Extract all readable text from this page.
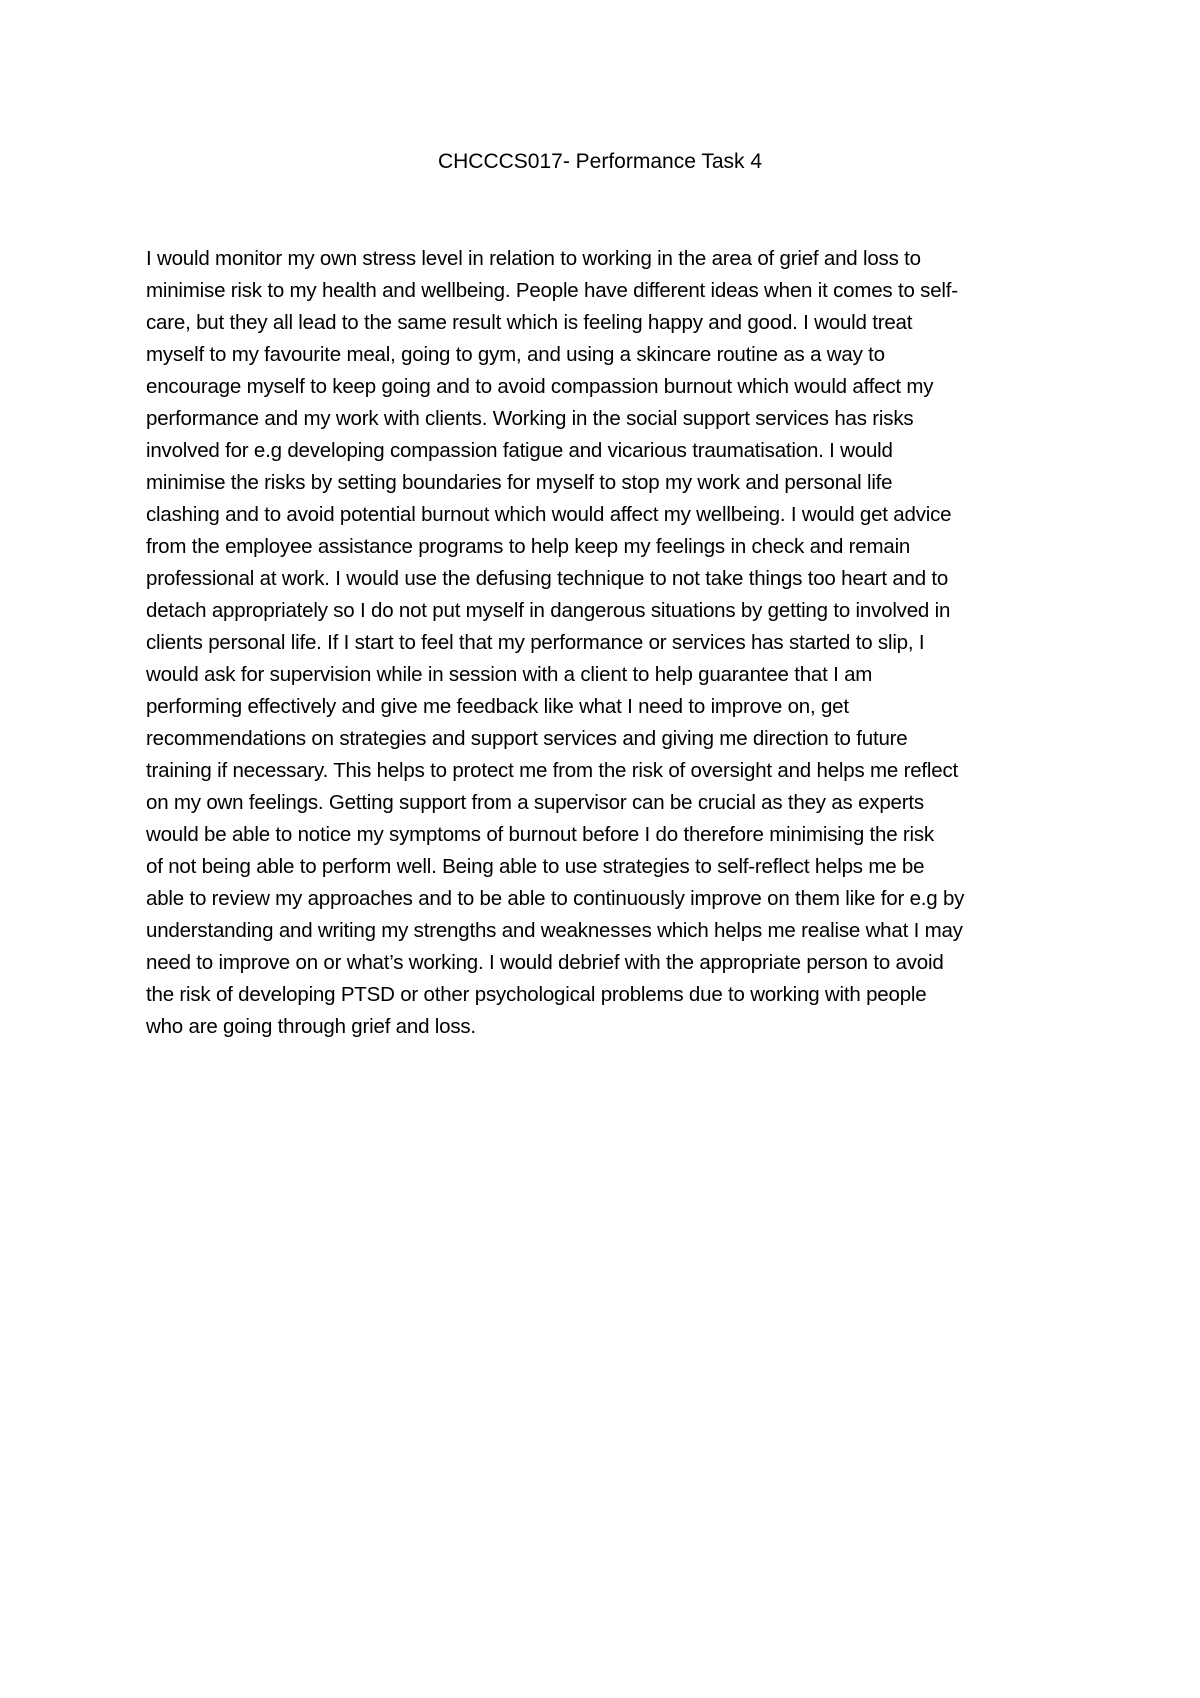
CHCCCS017- Performance Task 4
I would monitor my own stress level in relation to working in the area of grief and loss to
minimise risk to my health and wellbeing. People have different ideas when it comes to self-
care, but they all lead to the same result which is feeling happy and good. I would treat
myself to my favourite meal, going to gym, and using a skincare routine as a way to
encourage myself to keep going and to avoid compassion burnout which would affect my
performance and my work with clients. Working in the social support services has risks
involved for e.g developing compassion fatigue and vicarious traumatisation. I would
minimise the risks by setting boundaries for myself to stop my work and personal life
clashing and to avoid potential burnout which would affect my wellbeing. I would get advice
from the employee assistance programs to help keep my feelings in check and remain
professional at work. I would use the defusing technique to not take things too heart and to
detach appropriately so I do not put myself in dangerous situations by getting to involved in
clients personal life. If I start to feel that my performance or services has started to slip, I
would ask for supervision while in session with a client to help guarantee that I am
performing effectively and give me feedback like what I need to improve on, get
recommendations on strategies and support services and giving me direction to future
training if necessary. This helps to protect me from the risk of oversight and helps me reflect
on my own feelings. Getting support from a supervisor can be crucial as they as experts
would be able to notice my symptoms of burnout before I do therefore minimising the risk
of not being able to perform well. Being able to use strategies to self-reflect helps me be
able to review my approaches and to be able to continuously improve on them like for e.g by
understanding and writing my strengths and weaknesses which helps me realise what I may
need to improve on or what’s working. I would debrief with the appropriate person to avoid
the risk of developing PTSD or other psychological problems due to working with people
who are going through grief and loss.
